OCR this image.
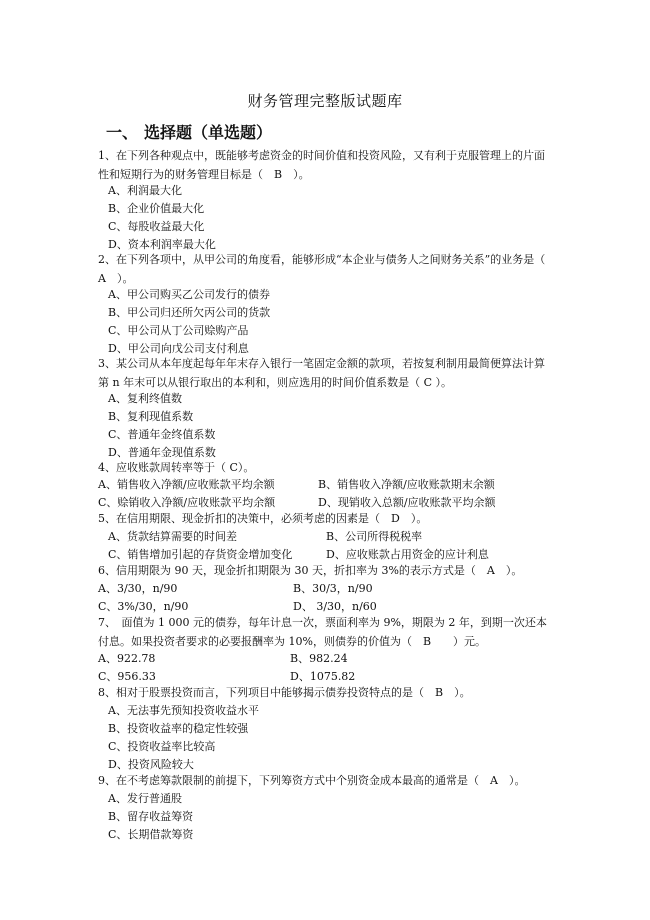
财务管理完整版试题库
一、 选择题（单选题）
1、在下列各种观点中，既能够考虑资金的时间价值和投资风险，又有利于克服管理上的片面性和短期行为的财务管理目标是（　B　）。
A、利润最大化
B、企业价值最大化
C、每股收益最大化
D、资本利润率最大化
2、在下列各项中，从甲公司的角度看，能够形成“本企业与债务人之间财务关系”的业务是（　A　）。
A、甲公司购买乙公司发行的债券
B、甲公司归还所欠丙公司的货款
C、甲公司从丁公司赊购产品
D、甲公司向戊公司支付利息
3、某公司从本年度起每年年末存入银行一笔固定金额的款项，若按复利制用最简便算法计算第 n 年末可以从银行取出的本利和，则应选用的时间价值系数是（ C ）。
A、复利终值数
B、复利现值系数
C、普通年金终值系数
D、普通年金现值系数
4、应收账款周转率等于（ C）。
A、销售收入净额/应收账款平均余额	B、销售收入净额/应收账款期末余额
C、赊销收入净额/应收账款平均余额	D、现销收入总额/应收账款平均余额
5、在信用期限、现金折扣的决策中，必须考虑的因素是（　D　）。
A、货款结算需要的时间差	B、公司所得税税率
C、销售增加引起的存货资金增加变化	D、应收账款占用资金的应计利息
6、信用期限为 90 天，现金折扣期限为 30 天，折扣率为 3%的表示方式是（　A　）。
A、3/30，n/90	B、30/3，n/90
C、3%/30，n/90	D、 3/30，n/60
7、　面值为 1 000 元的债券，每年计息一次，票面利率为 9%，期限为 2 年，到期一次还本付息。如果投资者要求的必要报酬率为 10%，则债券的价值为（　B　　）元。
A、922.78	B、982.24
C、956.33	D、1075.82
8、相对于股票投资而言，下列项目中能够揭示债券投资特点的是（　B　）。
A、无法事先预知投资收益水平
B、投资收益率的稳定性较强
C、投资收益率比较高
D、投资风险较大
9、在不考虑筹款限制的前提下，下列筹资方式中个别资金成本最高的通常是（　A　）。
A、发行普通股
B、留存收益筹资
C、长期借款筹资
